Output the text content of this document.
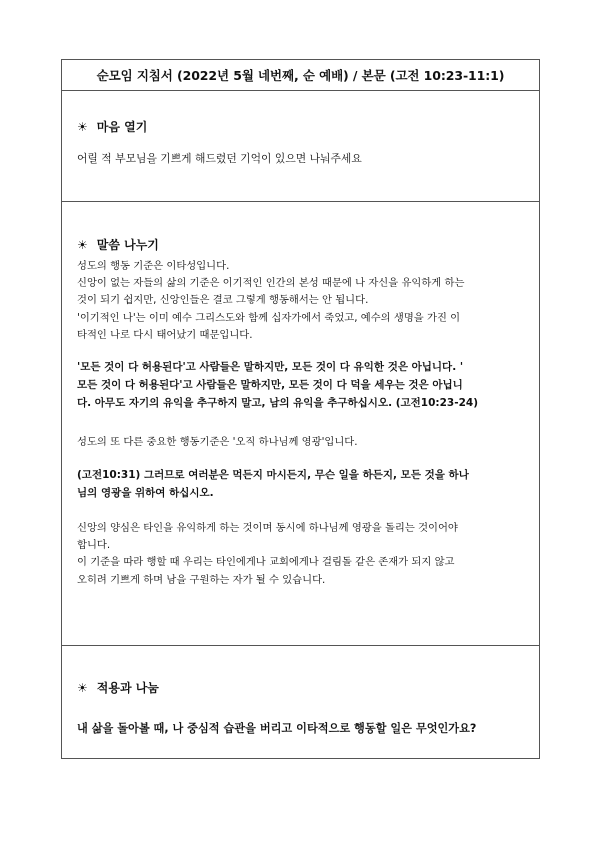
순모임 지침서 (2022년 5월 네번째, 순 예배) / 본문 (고전 10:23-11:1)
☀ 마음 열기
어릴 적 부모님을 기쁘게 해드렸던 기억이 있으면 나눠주세요
☀ 말씀 나누기

성도의 행동 기준은 이타성입니다.

신앙이 없는 자들의 삶의 기준은 이기적인 인간의 본성 때문에 나 자신을 유익하게 하는

것이 되기 쉽지만, 신앙인들은 결코 그렇게 행동해서는 안 됩니다.

'이기적인 나'는 이미 예수 그리스도와 함께 십자가에서 죽었고, 예수의 생명을 가진 이

타적인 나로 다시 태어났기 때문입니다.

'모든 것이 다 허용된다'고 사람들은 말하지만, 모든 것이 다 유익한 것은 아닙니다. '

모든 것이 다 허용된다'고 사람들은 말하지만, 모든 것이 다 덕을 세우는 것은 아닙니

다. 아무도 자기의 유익을 추구하지 말고, 남의 유익을 추구하십시오. (고전10:23-24)

성도의 또 다른 중요한 행동기준은 '오직 하나님께 영광'입니다.

(고전10:31) 그러므로 여러분은 먹든지 마시든지, 무슨 일을 하든지, 모든 것을 하나

님의 영광을 위하여 하십시오.

신앙의 양심은 타인을 유익하게 하는 것이며 동시에 하나님께 영광을 돌리는 것이어야

합니다.

이 기준을 따라 행할 때 우리는 타인에게나 교회에게나 걸림돌 같은 존재가 되지 않고

오히려 기쁘게 하며 남을 구원하는 자가 될 수 있습니다.

☀ 적용과 나눔
내 삶을 돌아볼 때, 나 중심적 습관을 버리고 이타적으로 행동할 일은 무엇인가요?
